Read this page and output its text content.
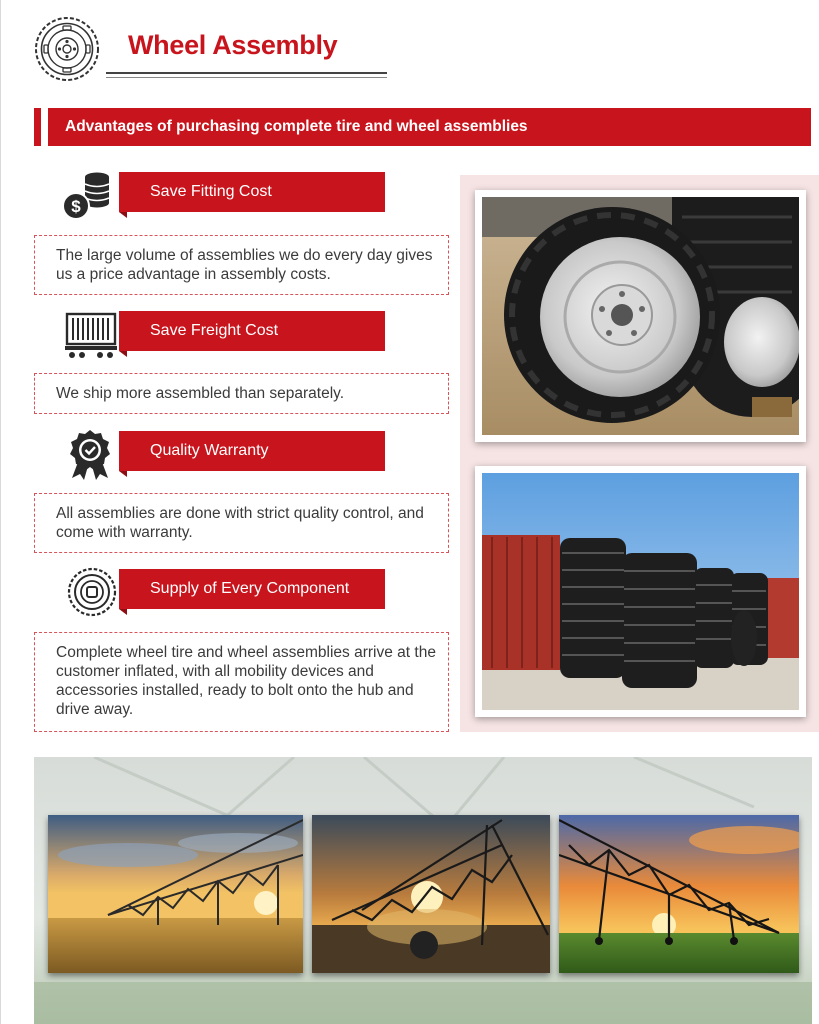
Wheel Assembly
Advantages of purchasing complete tire and wheel assemblies
$
Save Fitting Cost
The large volume of assemblies we do every day gives us a price advantage in assembly costs.
Save Freight Cost
We ship more assembled than separately.
Quality Warranty
All assemblies are done with strict quality control, and come with warranty.
Supply of Every Component
Complete wheel tire and wheel assemblies arrive at the customer inflated, with all mobility devices and accessories installed, ready to bolt onto the hub and drive away.
